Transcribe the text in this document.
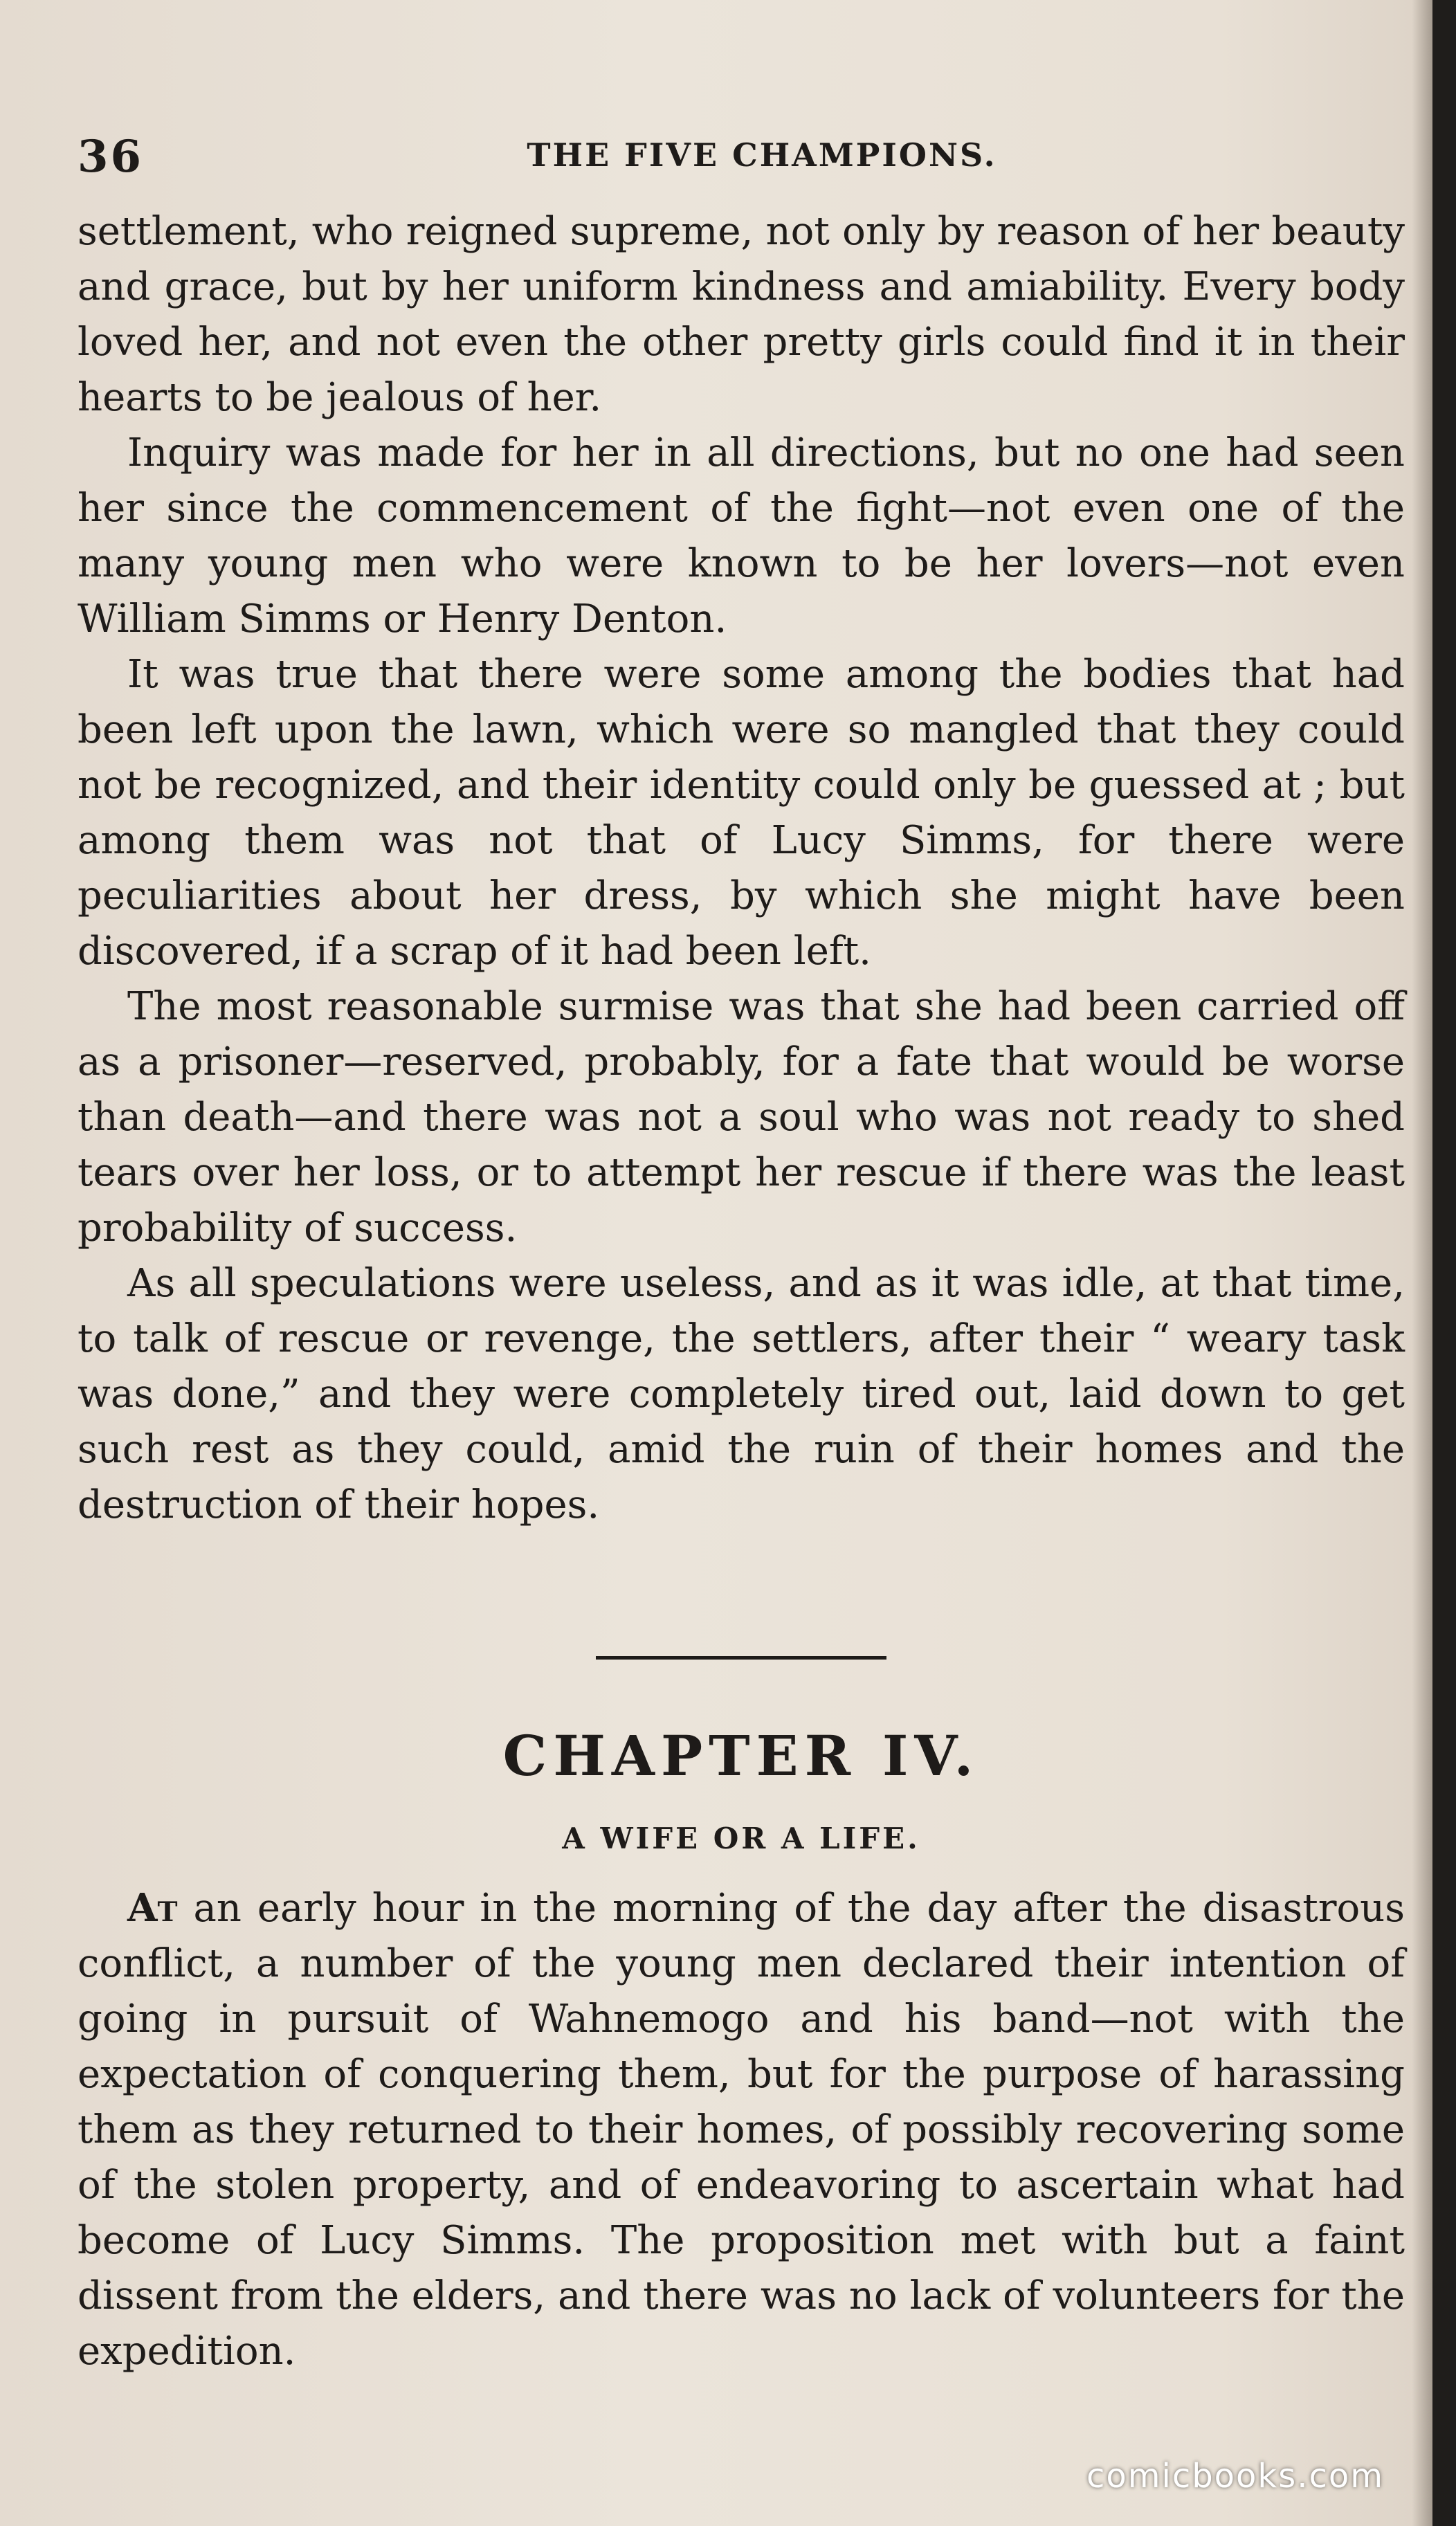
36	THE FIVE CHAMPIONS.

settlement, who reigned supreme, not only by reason of her beauty and grace, but by her uniform kindness and amiability. Every body loved her, and not even the other pretty girls could find it in their hearts to be jealous of her.

Inquiry was made for her in all directions, but no one had seen her since the commencement of the fight—not even one of the many young men who were known to be her lovers—not even William Simms or Henry Denton.

It was true that there were some among the bodies that had been left upon the lawn, which were so mangled that they could not be recognized, and their identity could only be guessed at ; but among them was not that of Lucy Simms, for there were peculiarities about her dress, by which she might have been discovered, if a scrap of it had been left.

The most reasonable surmise was that she had been carried off as a prisoner—reserved, probably, for a fate that would be worse than death—and there was not a soul who was not ready to shed tears over her loss, or to attempt her rescue if there was the least probability of success.

As all speculations were useless, and as it was idle, at that time, to talk of rescue or revenge, the settlers, after their “ weary task was done,” and they were completely tired out, laid down to get such rest as they could, amid the ruin of their homes and the destruction of their hopes.

CHAPTER IV.
A WIFE OR A LIFE.

At an early hour in the morning of the day after the disastrous conflict, a number of the young men declared their intention of going in pursuit of Wahnemogo and his band—not with the expectation of conquering them, but for the purpose of harassing them as they returned to their homes, of possibly recovering some of the stolen property, and of endeavoring to ascertain what had become of Lucy Simms. The proposition met with but a faint dissent from the elders, and there was no lack of volunteers for the expedition.

comicbooks.com
